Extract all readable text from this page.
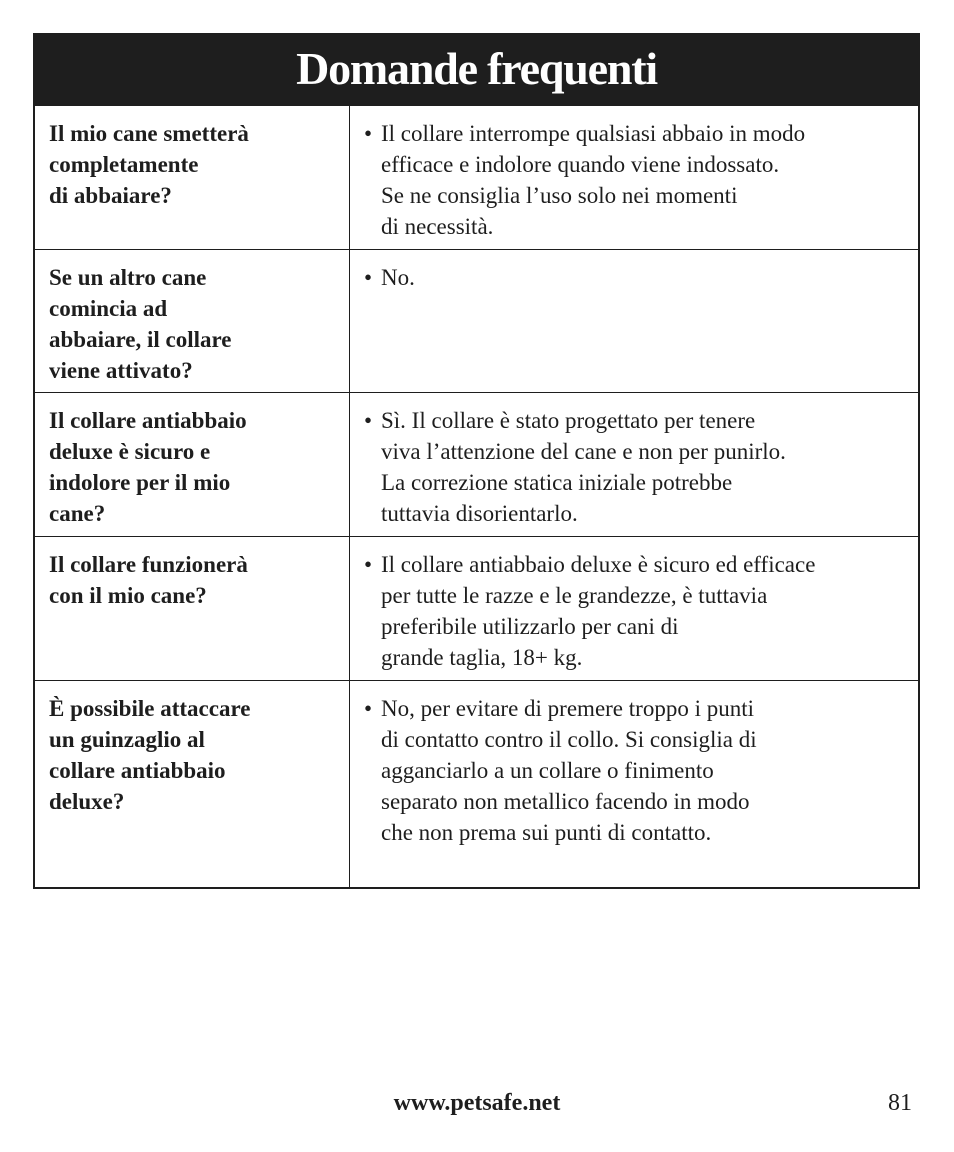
Domande frequenti
Il mio cane smetterà
completamente
di abbaiare?
• Il collare interrompe qualsiasi abbaio in modo
efficace e indolore quando viene indossato.
Se ne consiglia l’uso solo nei momenti
di necessità.
Se un altro cane
comincia ad
abbaiare, il collare
viene attivato?
• No.
Il collare antiabbaio
deluxe è sicuro e
indolore per il mio
cane?
• Sì. Il collare è stato progettato per tenere
viva l’attenzione del cane e non per punirlo.
La correzione statica iniziale potrebbe
tuttavia disorientarlo.
Il collare funzionerà
con il mio cane?
• Il collare antiabbaio deluxe è sicuro ed efficace
per tutte le razze e le grandezze, è tuttavia
preferibile utilizzarlo per cani di
grande taglia, 18+ kg.
È possibile attaccare
un guinzaglio al
collare antiabbaio
deluxe?
• No, per evitare di premere troppo i punti
di contatto contro il collo. Si consiglia di
agganciarlo a un collare o finimento
separato non metallico facendo in modo
che non prema sui punti di contatto.
www.petsafe.net	81
